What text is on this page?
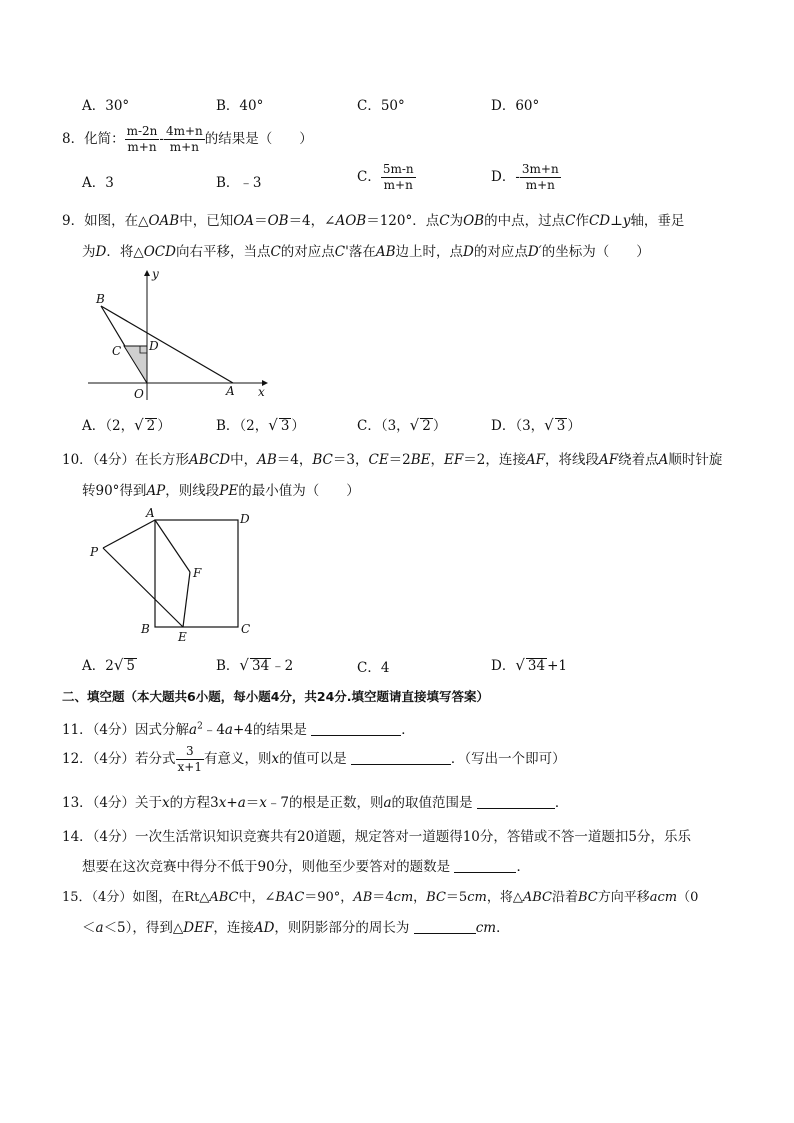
A．30°	B．40°	C．50°	D．60°
8．化简： $\frac{m-2n}{m+n} - \frac{4m+n}{m+n}$ 的结果是（　　）
A．3	B．﹣3	C． $\frac{5m-n}{m+n}$	D．- $\frac{3m+n}{m+n}$
9．如图，在△OAB中，已知OA＝OB＝4，∠AOB＝120°．点C为OB的中点，过点C作CD⊥y轴，垂足
为D．将△OCD向右平移，当点C的对应点C'落在AB边上时，点D的对应点D′的坐标为（　　）
B
C D
O	A x
y
A．（2，√ 2 ）	B．（2，√ 3 ）	C．（3，√ 2 ）	D．（3，√ 3 ）
10．（4分）在长方形ABCD中，AB＝4，BC＝3，CE＝2BE，EF＝2，连接AF，将线段AF绕着点A顺时针旋
转90°得到AP，则线段PE的最小值为（　　）
A	D
P
F
B
E
C
A．2√ 5	B．√ 34 ﹣2	C．4	D．√ 34 +1
二、填空题（本大题共6小题，每小题4分，共24分.填空题请直接填写答案）
11．（4分）因式分解$a^2﹣4a+4$的结果是	．
12．（4分）若分式 $\frac{3}{x+1}$ 有意义，则x的值可以是	．（写出一个即可）
13．（4分）关于x的方程3x+a＝x﹣7的根是正数，则a的取值范围是	．
14．（4分）一次生活常识知识竞赛共有20道题，规定答对一道题得10分，答错或不答一道题扣5分，乐乐
想要在这次竞赛中得分不低于90分，则他至少要答对的题数是	．
15．（4分）如图，在Rt△ABC中，∠BAC＝90°，AB＝4cm，BC＝5cm，将△ABC沿着BC方向平移acm（0
＜a＜5），得到△DEF，连接AD，则阴影部分的周长为	cm．
